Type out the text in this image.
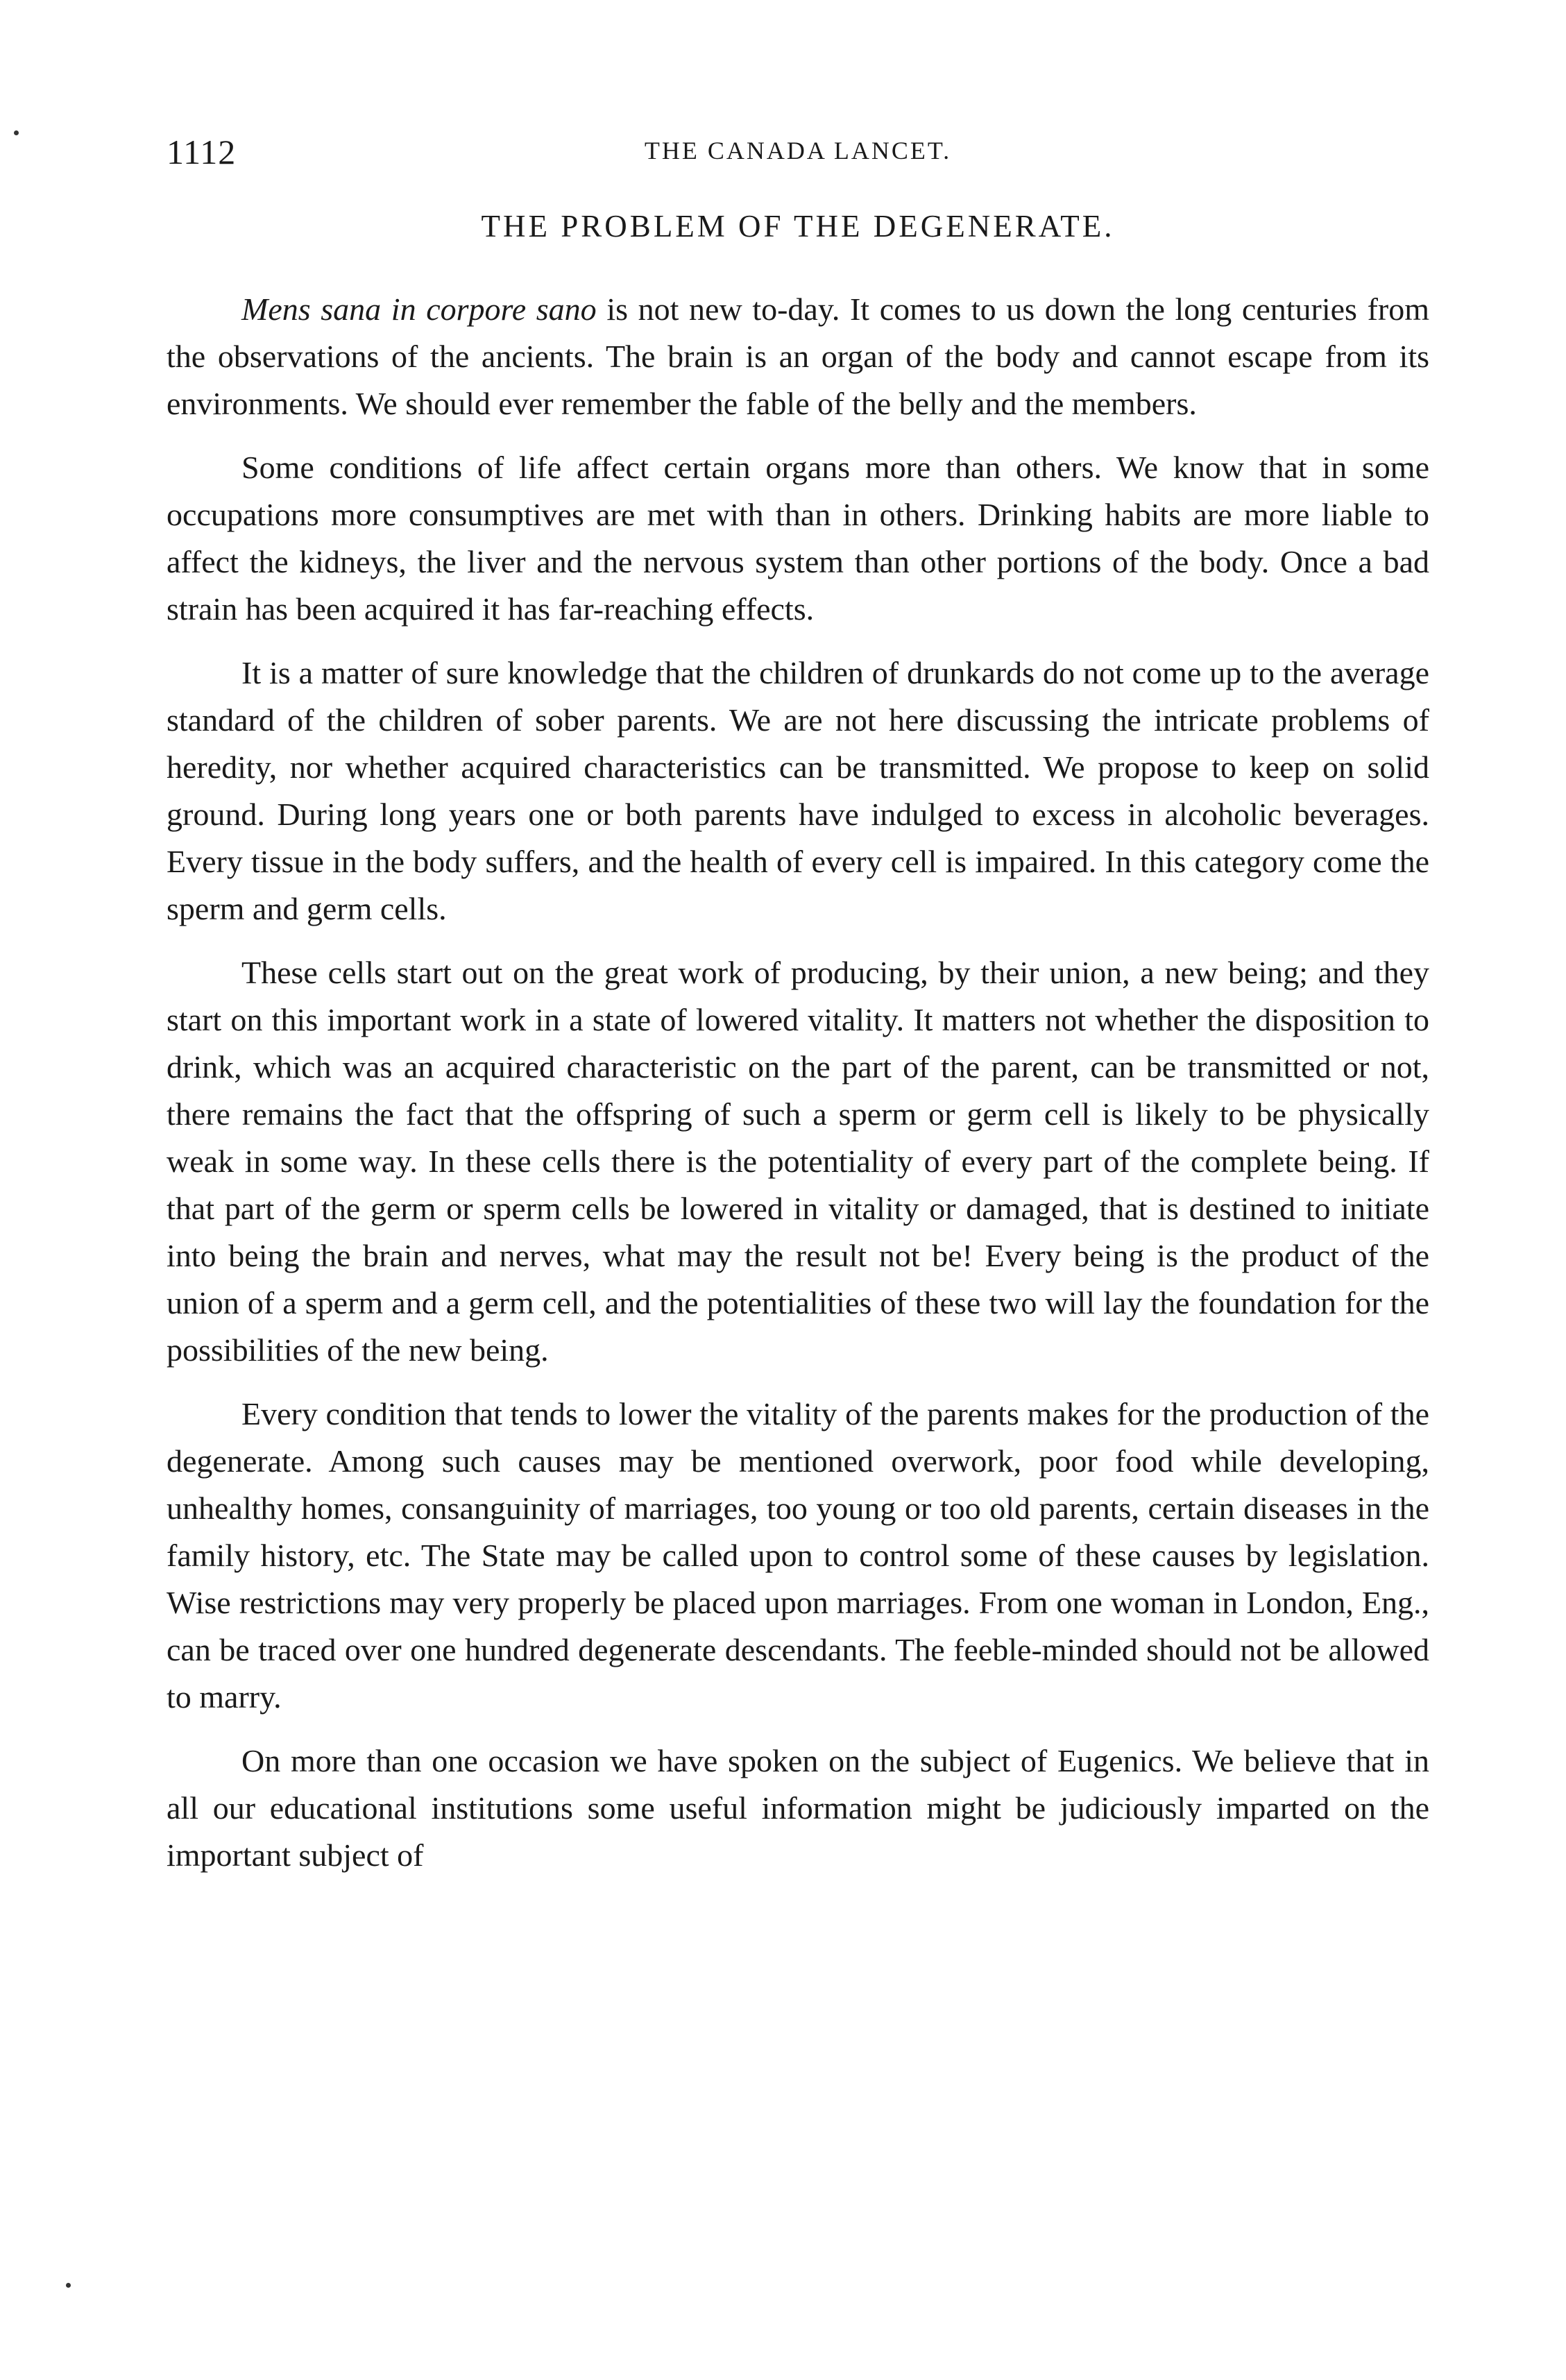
1112	THE CANADA LANCET.
THE PROBLEM OF THE DEGENERATE.

Mens sana in corpore sano is not new to-day. It comes to us down the long centuries from the observations of the ancients. The brain is an organ of the body and cannot escape from its environments. We should ever remember the fable of the belly and the members.

Some conditions of life affect certain organs more than others. We know that in some occupations more consumptives are met with than in others. Drinking habits are more liable to affect the kidneys, the liver and the nervous system than other portions of the body. Once a bad strain has been acquired it has far-reaching effects.

It is a matter of sure knowledge that the children of drunkards do not come up to the average standard of the children of sober parents. We are not here discussing the intricate problems of heredity, nor whether acquired characteristics can be transmitted. We propose to keep on solid ground. During long years one or both parents have indulged to excess in alcoholic beverages. Every tissue in the body suffers, and the health of every cell is impaired. In this category come the sperm and germ cells.

These cells start out on the great work of producing, by their union, a new being; and they start on this important work in a state of lowered vitality. It matters not whether the disposition to drink, which was an acquired characteristic on the part of the parent, can be transmitted or not, there remains the fact that the offspring of such a sperm or germ cell is likely to be physically weak in some way. In these cells there is the potentiality of every part of the complete being. If that part of the germ or sperm cells be lowered in vitality or damaged, that is destined to initiate into being the brain and nerves, what may the result not be! Every being is the product of the union of a sperm and a germ cell, and the potentialities of these two will lay the foundation for the possibilities of the new being.

Every condition that tends to lower the vitality of the parents makes for the production of the degenerate. Among such causes may be mentioned overwork, poor food while developing, unhealthy homes, consanguinity of marriages, too young or too old parents, certain diseases in the family history, etc. The State may be called upon to control some of these causes by legislation. Wise restrictions may very properly be placed upon marriages. From one woman in London, Eng., can be traced over one hundred degenerate descendants. The feeble-minded should not be allowed to marry.

On more than one occasion we have spoken on the subject of Eugenics. We believe that in all our educational institutions some useful information might be judiciously imparted on the important subject of
